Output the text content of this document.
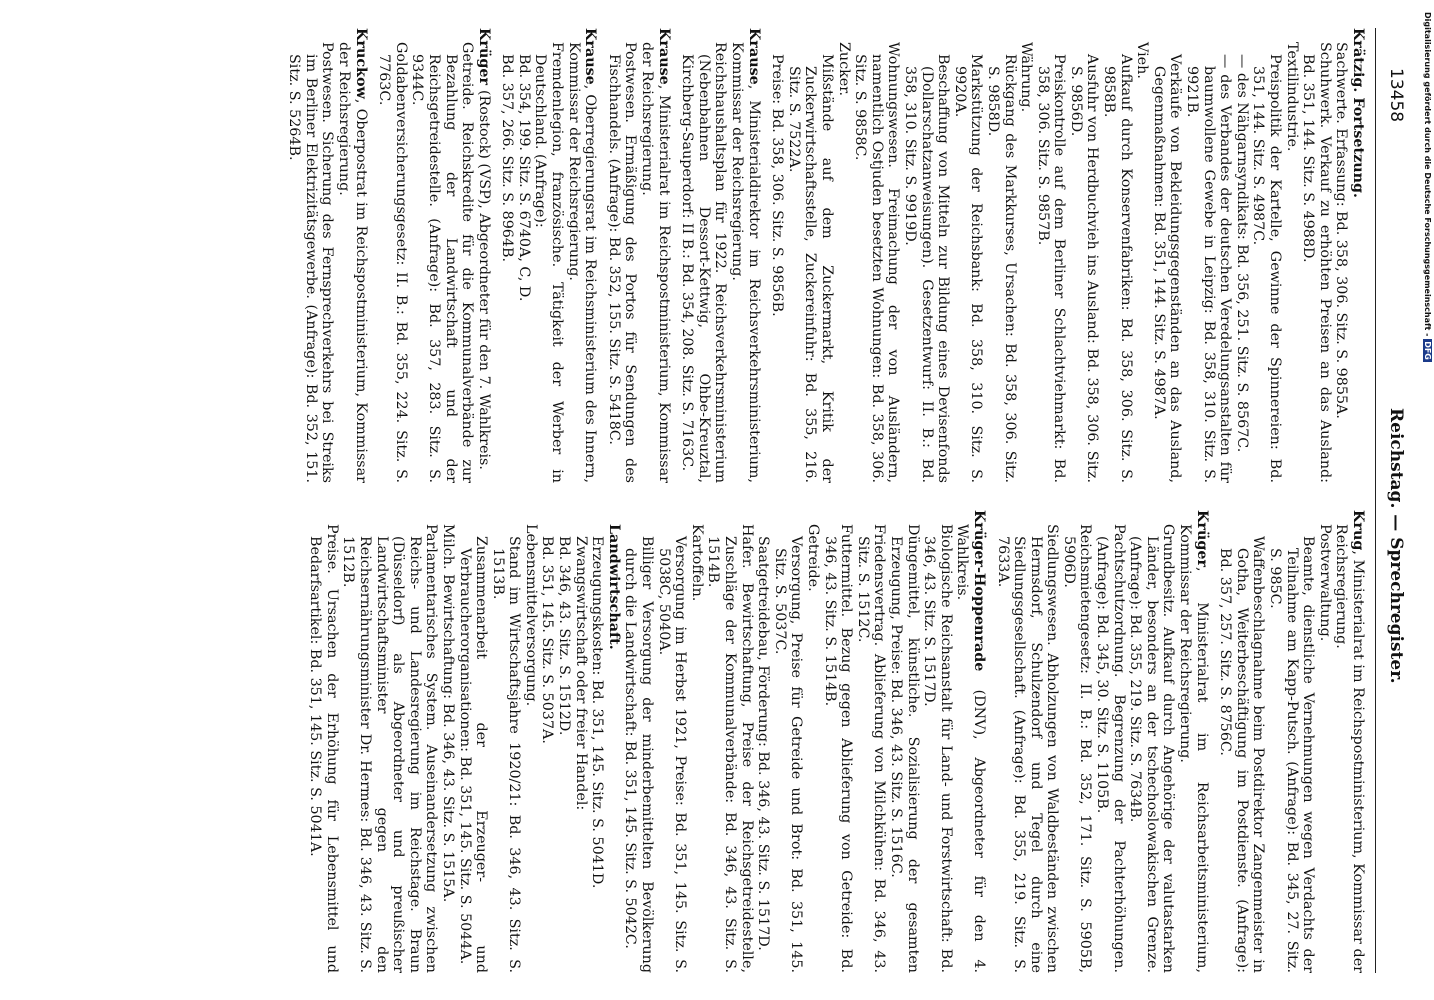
13458
Reichstag. — Sprechregister.

Krätzig. Fortsetzung.

Sachwerte. Erfassung: Bd. 358, 306. Sitz. S. 9855A.

Schuhwerk. Verkauf zu erhöhten Preisen an das Ausland: Bd. 351, 144. Sitz. S. 4988D.

Textilindustrie.

Preispolitik der Kartelle, Gewinne der Spinnereien: Bd. 351, 144. Sitz. S. 4987C.

— des Nähgarnsyndikats: Bd. 356, 251. Sitz. S. 8567C.

— des Verbandes der deutschen Veredelungsanstalten für baumwollene Gewebe in Leipzig: Bd. 358, 310. Sitz. S. 9921B.

Verkäufe von Bekleidungsgegenständen an das Ausland, Gegenmaßnahmen: Bd. 351, 144. Sitz. S. 4987A.

Vieh.

Aufkauf durch Konservenfabriken: Bd. 358, 306. Sitz. S. 9858B.

Ausfuhr von Herdbuchvieh ins Ausland: Bd. 358, 306. Sitz. S. 9856D.

Preiskontrolle auf dem Berliner Schlachtviehmarkt: Bd. 358, 306. Sitz. S. 9857B.

Währung.

Rückgang des Markkurses, Ursachen: Bd. 358, 306. Sitz. S. 9858D.

Markstützung der Reichsbank: Bd. 358, 310. Sitz. S. 9920A.

Beschaffung von Mitteln zur Bildung eines Devisenfonds (Dollarschatzanweisungen). Gesetzentwurf: II. B.: Bd. 358, 310. Sitz. S. 9919D.

Wohnungswesen. Freimachung der von Ausländern, namentlich Ostjuden besetzten Wohnungen: Bd. 358, 306. Sitz. S. 9858C.

Zucker.

Mißstände auf dem Zuckermarkt, Kritik der Zuckerwirtschaftsstelle, Zuckereinfuhr: Bd. 355, 216. Sitz. S. 7522A.

Preise: Bd. 358, 306. Sitz. S. 9856B.

Krause, Ministerialdirektor im Reichsverkehrsministerium, Kommissar der Reichsregierung.

Reichshaushaltsplan für 1922. Reichsverkehrsministerium (Nebenbahnen Dessort-Kettwig, Ohbe-Kreuztal, Kirchberg-Sauperdorf: II B.: Bd. 354, 208. Sitz. S. 7163C.

Krause, Ministerialrat im Reichspostministerium, Kommissar der Reichsregierung.

Postwesen. Ermäßigung des Portos für Sendungen des Fischhandels. (Anfrage): Bd. 352, 155. Sitz. S. 5418C.

Krause, Oberregierungsrat im Reichsministerium des Innern, Kommissar der Reichsregierung.

Fremdenlegion, französische. Tätigkeit der Werber in Deutschland. (Anfrage):

Bd. 354, 199. Sitz. S. 6740A, C, D.

Bd. 357, 266. Sitz. S. 8964B.

Krüger (Rostock) (VSP), Abgeordneter für den 7. Wahlkreis.

Getreide. Reichskredite für die Kommunalverbände zur Bezahlung der Landwirtschaft und der Reichsgetreidestelle. (Anfrage): Bd. 357, 283. Sitz. S. 9344C.

Goldabenversicherungsgesetz: II. B.: Bd. 355, 224. Sitz. S. 7763C.

Kruckow, Oberpostrat im Reichspostministerium, Kommissar der Reichsregierung.

Postwesen. Sicherung des Fernsprechverkehrs bei Streiks im Berliner Elektrizitätsgewerbe. (Anfrage): Bd. 352, 151. Sitz. S. 5264B.

Krug, Ministerialrat im Reichspostministerium, Kommissar der Reichsregierung.

Postverwaltung.

Beamte, dienstliche Vernehmungen wegen Verdachts der Teilnahme am Kapp-Putsch. (Anfrage): Bd. 345, 27. Sitz. S. 985C.

Waffenbeschlagnahme beim Postdirektor Zangenmeister in Gotha, Weiterbeschäftigung im Postdienste. (Anfrage): Bd. 357, 257. Sitz. S. 8756C.

Krüger, Ministerialrat im Reichsarbeitsministerium, Kommissar der Reichsregierung.

Grundbesitz. Aufkauf durch Angehörige der valutastarken Länder, besonders an der tschechoslowakischen Grenze. (Anfrage): Bd. 355, 219. Sitz. S. 7634B.

Pachtschutzordnung. Begrenzung der Pachterhöhungen. (Anfrage): Bd. 345, 30. Sitz. S. 1105B.

Reichsmietengesetz: II. B.: Bd. 352, 171. Sitz. S. 5905B, 5906D.

Siedlungswesen. Abholzungen von Waldbeständen zwischen Hermsdorf, Schulzendorf und Tegel durch eine Siedlungsgesellschaft. (Anfrage): Bd. 355, 219. Sitz. S. 7633A.

Krüger-Hoppenrade (DNV), Abgeordneter für den 4. Wahlkreis.

Biologische Reichsanstalt für Land- und Forstwirtschaft: Bd. 346, 43. Sitz. S. 1517D.

Düngemittel, künstliche. Sozialisierung der gesamten Erzeugung, Preise: Bd. 346, 43. Sitz. S. 1516C.

Friedensvertrag. Ablieferung von Milchkühen: Bd. 346, 43. Sitz. S. 1512C.

Futtermittel. Bezug gegen Ablieferung von Getreide: Bd. 346, 43. Sitz. S. 1514B.

Getreide.

Versorgung, Preise für Getreide und Brot: Bd. 351, 145. Sitz. S. 5037C.

Saatgetreidebau, Förderung: Bd. 346, 43. Sitz. S. 1517D.

Hafer. Bewirtschaftung, Preise der Reichsgetreidestelle, Zuschläge der Kommunalverbände: Bd. 346, 43. Sitz. S. 1514B.

Kartoffeln.

Versorgung im Herbst 1921, Preise: Bd. 351, 145. Sitz. S. 5038C, 5040A.

Billiger Versorgung der minderbemittelten Bevölkerung durch die Landwirtschaft: Bd. 351, 145. Sitz. S. 5042C.

Landwirtschaft.

Erzeugungskosten: Bd. 351, 145. Sitz. S. 5041D.

Zwangswirtschaft oder freier Handel:

Bd. 346, 43. Sitz. S. 1512D.

Bd. 351, 145. Sitz. S. 5037A.

Lebensmittelversorgung.

Stand im Wirtschaftsjahre 1920/21: Bd. 346, 43. Sitz. S. 1513B.

Zusammenarbeit der Erzeuger- und Verbraucherorganisationen: Bd. 351, 145. Sitz. S. 5044A.

Milch. Bewirtschaftung: Bd. 346, 43. Sitz. S. 1515A.

Parlamentarisches System. Auseinandersetzung zwischen Reichs- und Landesregierung im Reichstage. Braun (Düsseldorf) als Abgeordneter und preußischer Landwirtschaftsminister gegen den Reichsernährungsminister Dr. Hermes: Bd. 346, 43. Sitz. S. 1512B.

Preise. Ursachen der Erhöhung für Lebensmittel und Bedarfsartikel: Bd. 351, 145. Sitz. S. 5041A.

Digitalisierung gefördert durch die Deutsche Forschungsgemeinschaft - DFG
